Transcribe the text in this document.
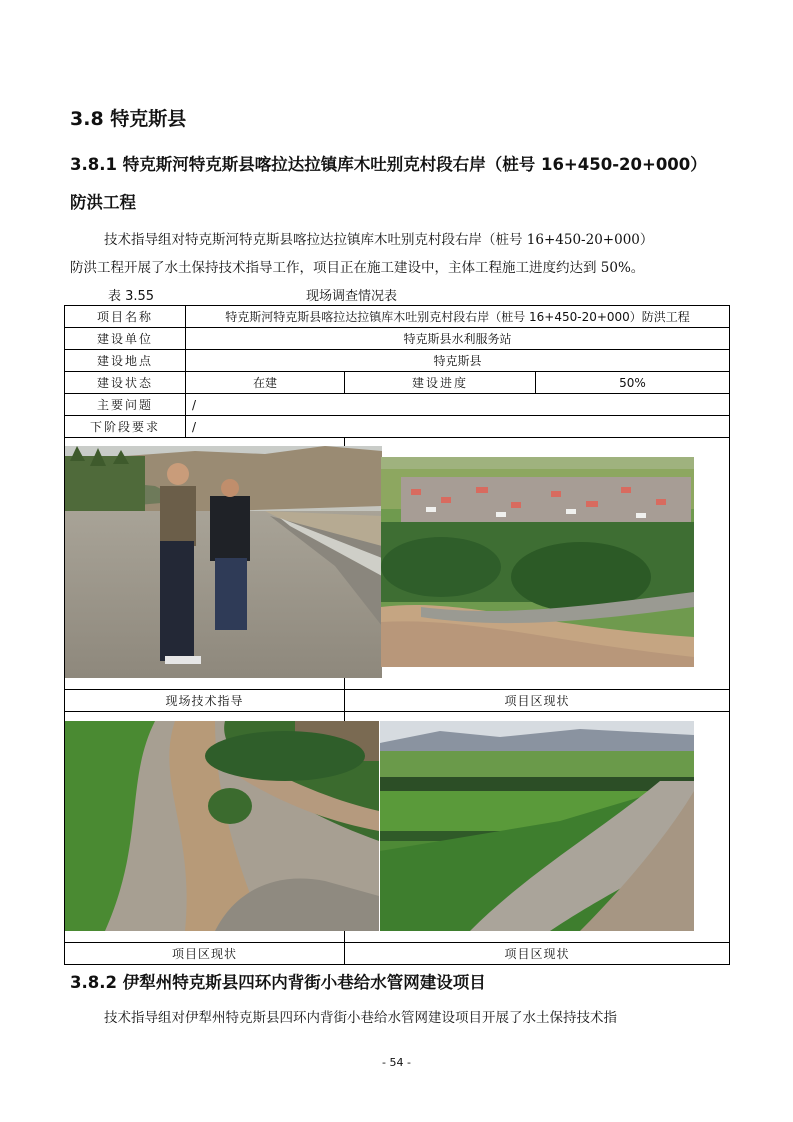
3.8 特克斯县
3.8.1 特克斯河特克斯县喀拉达拉镇库木吐别克村段右岸（桩号 16+450-20+000）
防洪工程
技术指导组对特克斯河特克斯县喀拉达拉镇库木吐别克村段右岸（桩号 16+450-20+000）
防洪工程开展了水土保持技术指导工作，项目正在施工建设中，主体工程施工进度约达到 50%。
表 3.55	现场调查情况表
项目名称	特克斯河特克斯县喀拉达拉镇库木吐别克村段右岸（桩号 16+450-20+000）防洪工程		
建设单位	特克斯县水利服务站		
建设地点	特克斯县		
建设状态	在建	建设进度	50%
主要问题	/		
下阶段要求	/		

现场技术指导		项目区现状	

项目区现状		项目区现状	
3.8.2 伊犁州特克斯县四环内背街小巷给水管网建设项目
技术指导组对伊犁州特克斯县四环内背街小巷给水管网建设项目开展了水土保持技术指
- 54 -
